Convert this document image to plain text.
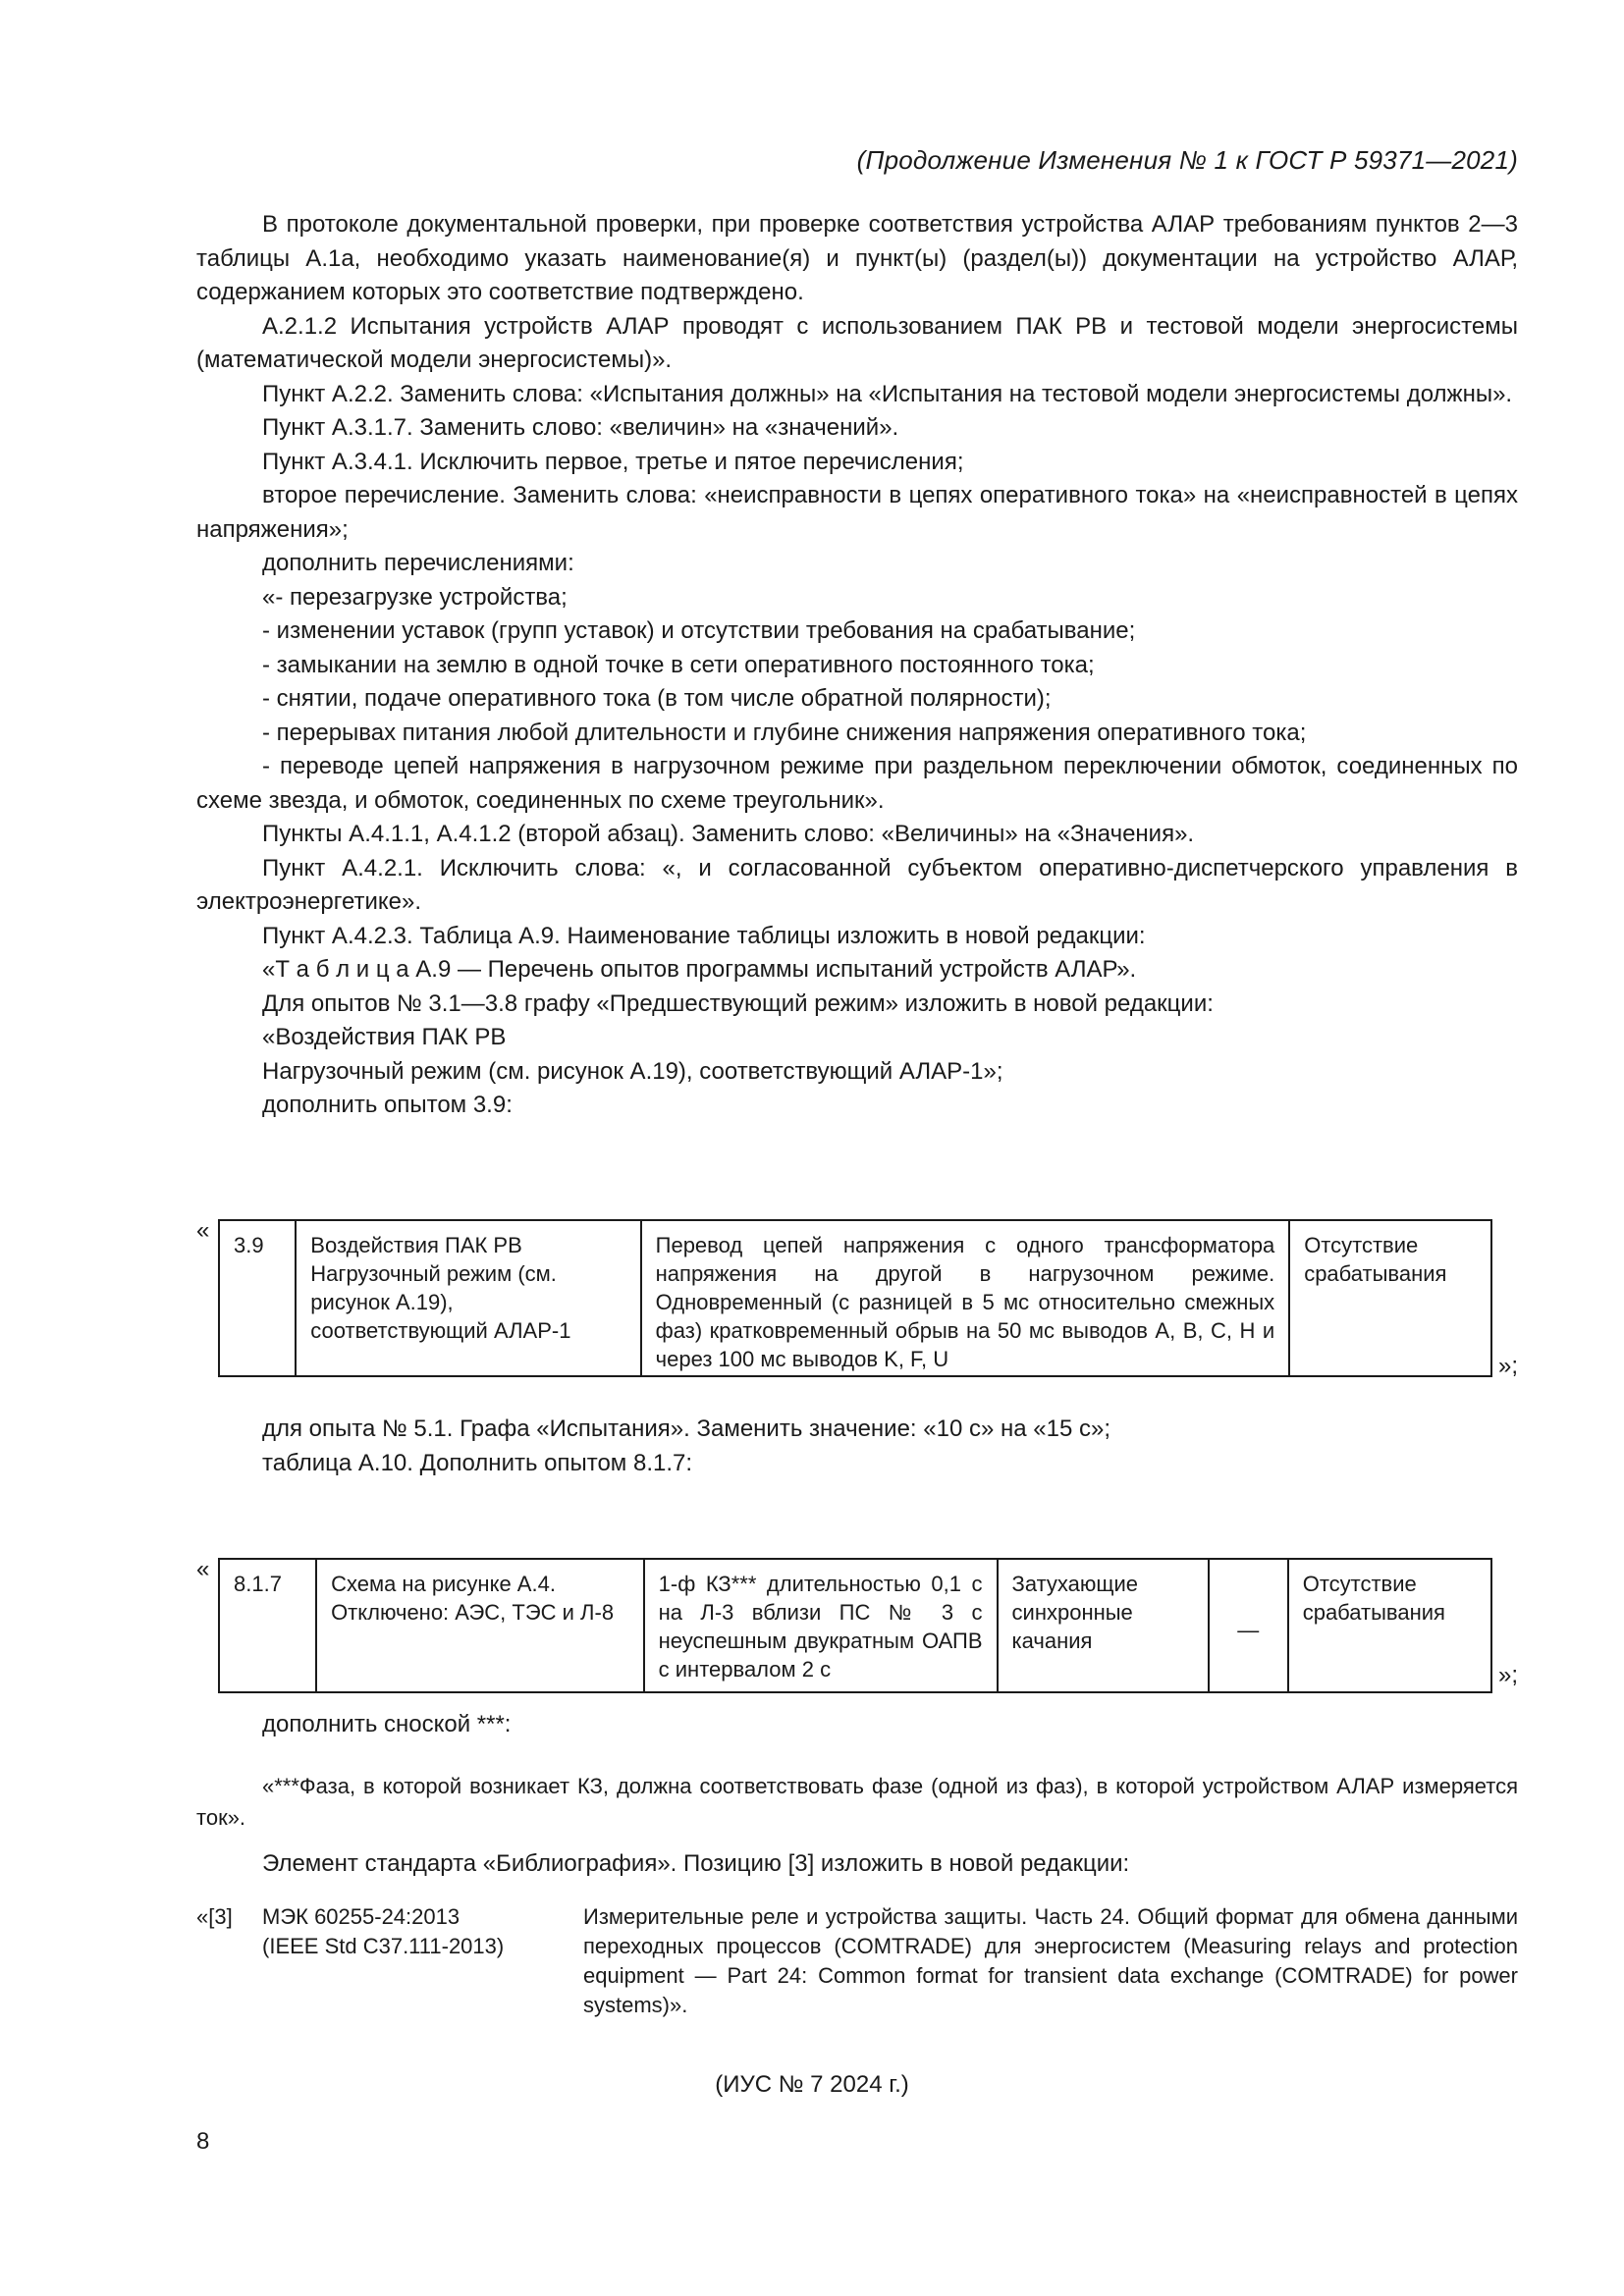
(Продолжение Изменения № 1 к ГОСТ Р 59371—2021)

В протоколе документальной проверки, при проверке соответствия устройства АЛАР требованиям пунктов 2—3 таблицы А.1а, необходимо указать наименование(я) и пункт(ы) (раздел(ы)) документации на устройство АЛАР, содержанием которых это соответствие подтверждено.

А.2.1.2 Испытания устройств АЛАР проводят с использованием ПАК РВ и тестовой модели энергосистемы (математической модели энергосистемы)».

Пункт А.2.2. Заменить слова: «Испытания должны» на «Испытания на тестовой модели энергосистемы должны».

Пункт А.3.1.7. Заменить слово: «величин» на «значений».

Пункт А.3.4.1. Исключить первое, третье и пятое перечисления;

второе перечисление. Заменить слова: «неисправности в цепях оперативного тока» на «неисправностей в цепях напряжения»;

дополнить перечислениями:

«- перезагрузке устройства;

- изменении уставок (групп уставок) и отсутствии требования на срабатывание;

- замыкании на землю в одной точке в сети оперативного постоянного тока;

- снятии, подаче оперативного тока (в том числе обратной полярности);

- перерывах питания любой длительности и глубине снижения напряжения оперативного тока;

- переводе цепей напряжения в нагрузочном режиме при раздельном переключении обмоток, соединенных по схеме звезда, и обмоток, соединенных по схеме треугольник».

Пункты А.4.1.1, А.4.1.2 (второй абзац). Заменить слово: «Величины» на «Значения».

Пункт А.4.2.1. Исключить слова: «, и согласованной субъектом оперативно-диспетчерского управления в электроэнергетике».

Пункт А.4.2.3. Таблица А.9. Наименование таблицы изложить в новой редакции:

«Т а б л и ц а А.9 — Перечень опытов программы испытаний устройств АЛАР».

Для опытов № 3.1—3.8 графу «Предшествующий режим» изложить в новой редакции:

«Воздействия ПАК РВ

Нагрузочный режим (см. рисунок А.19), соответствующий АЛАР-1»;

дополнить опытом 3.9:

«
3.9	Воздействия ПАК РВ Нагрузочный режим (см. рисунок А.19), соответствующий АЛАР-1	Перевод цепей напряжения с одного трансформатора напряжения на другой в нагрузочном режиме. Одновременный (с разницей в 5 мс относительно смежных фаз) кратковременный обрыв на 50 мс выводов A, B, C, H и через 100 мс выводов K, F, U	Отсутствие срабатывания
»;

для опыта № 5.1. Графа «Испытания». Заменить значение: «10 с» на «15 с»;

таблица А.10. Дополнить опытом 8.1.7:

«
8.1.7	Схема на рисунке А.4. Отключено: АЭС, ТЭС и Л-8	1-ф КЗ*** длительностью 0,1 с на Л-3 вблизи ПС № 3 с неуспешным двукратным ОАПВ с интервалом 2 с	Затухающие синхронные качания	—	Отсутствие срабатывания
»;

дополнить сноской ***:

«***Фаза, в которой возникает КЗ, должна соответствовать фазе (одной из фаз), в которой устройством АЛАР измеряется ток».

Элемент стандарта «Библиография». Позицию [3] изложить в новой редакции:

«[3] МЭК 60255-24:2013
(IEEE Std C37.111-2013)
Измерительные реле и устройства защиты. Часть 24. Общий формат для обмена данными переходных процессов (COMTRADE) для энергосистем (Measuring relays and protection equipment — Part 24: Common format for transient data exchange (COMTRADE) for power systems)».
(ИУС № 7 2024 г.)
8
